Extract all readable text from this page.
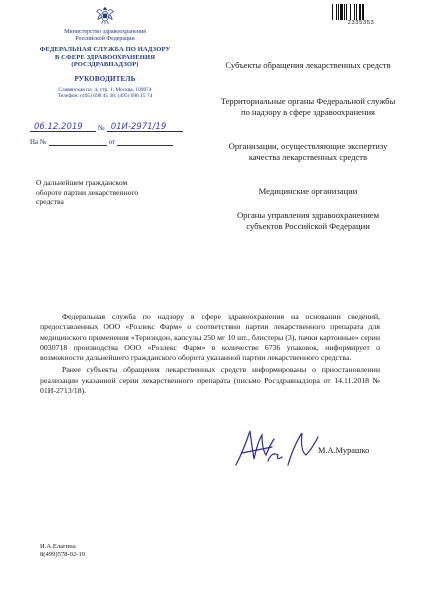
Министерство здравоохранения
Российской Федерации
ФЕДЕРАЛЬНАЯ СЛУЖБА ПО НАДЗОРУ
В СФЕРЕ ЗДРАВООХРАНЕНИЯ
(РОСЗДРАВНАДЗОР)
РУКОВОДИТЕЛЬ
Славянская пл. 4, стр. 1, Москва, 109074
Телефон: (495) 698 45 38; (495) 698 15 74
06.12.2019 № 01И-2971/19
На №	от
2335353
Субъекты обращения лекарственных средств
Территориальные органы Федеральной службы по надзору в сфере здравоохранения
Организации, осуществляющие экспертизу качества лекарственных средств
Медицинские организации
Органы управления здравоохранением субъектов Российской Федерации
О дальнейшем гражданском обороте партии лекарственного средства

Федеральная служба по надзору в сфере здравоохранения на основании сведений, предоставленных ООО «Розлекс Фарм» о соответствии партии лекарственного препарата для медицинского применения «Теризидон, капсулы 250 мг 10 шт., блистеры (3), пачки картонные» серии 0030718 производства ООО «Розлекс Фарм» в количестве 6736 упаковок, информирует о возможности дальнейшего гражданского оборота указанной партии лекарственного средства.

Ранее субъекты обращения лекарственных средств информированы о приостановлении реализации указанной серии лекарственного препарата (письмо Росздравнадзора от 14.11.2018 № 01И-2713/18).

М.А.Мурашко
И.А.Елагина
8(499)578-02-19
